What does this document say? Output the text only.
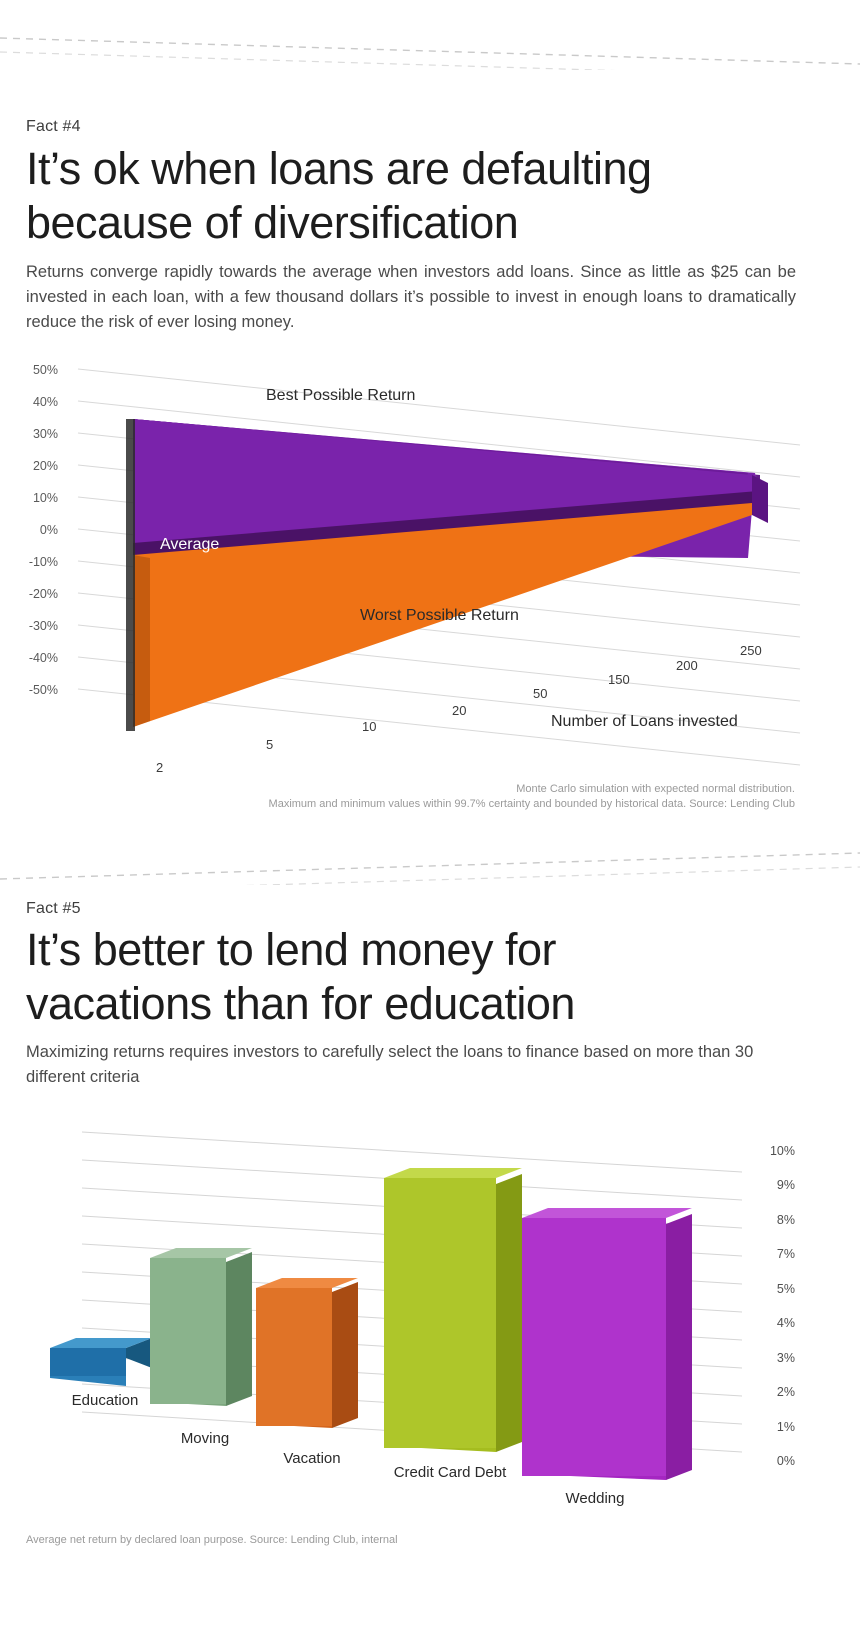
Fact #4
It’s ok when loans are defaulting
because of diversification
Returns converge rapidly towards the average when investors add loans. Since as little as $25 can be invested in each loan, with a few thousand dollars it’s possible to invest in enough loans to dramatically reduce the risk of ever losing money.
50%
40%
30%
20%
10%
0%
-10%
-20%
-30%
-40%
-50%
2
5
10
20
50
150
200
250
Best Possible Return
Average
Worst Possible Return
Number of Loans invested
Monte Carlo simulation with expected normal distribution.
Maximum and minimum values within 99.7% certainty and bounded by historical data. Source: Lending Club
Fact #5
It’s better to lend money for
vacations than for education
Maximizing returns requires investors to carefully select the loans to finance based on more than 30 different criteria
10%
9%
8%
7%
5%
4%
3%
2%
1%
0%
Education
Moving
Vacation
Credit Card Debt
Wedding
Average net return by declared loan purpose. Source: Lending Club, internal
